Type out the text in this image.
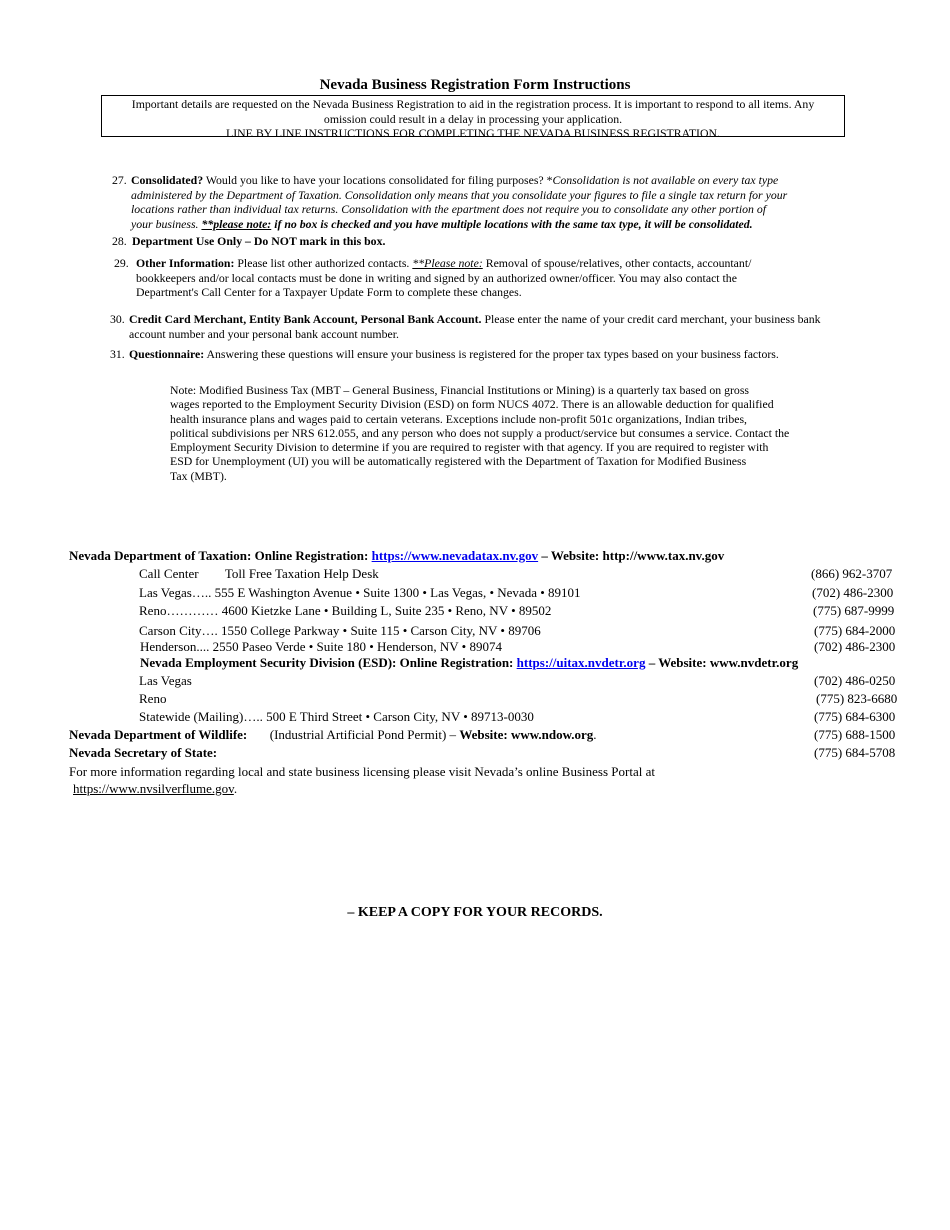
Nevada Business Registration Form Instructions
Important details are requested on the Nevada Business Registration to aid in the registration process. It is important to respond to all items. Any
omission could result in a delay in processing your application.
LINE BY LINE INSTRUCTIONS FOR COMPLETING THE NEVADA BUSINESS REGISTRATION.
27. Consolidated? Would you like to have your locations consolidated for filing purposes? *Consolidation is not available on every tax type
administered by the Department of Taxation. Consolidation only means that you consolidate your figures to file a single tax return for your
locations rather than individual tax returns. Consolidation with the epartment does not require you to consolidate any other portion of
your business. **please note: if no box is checked and you have multiple locations with the same tax type, it will be consolidated.
28. Department Use Only – Do NOT mark in this box.
29. Other Information: Please list other authorized contacts. **Please note: Removal of spouse/relatives, other contacts, accountant/
bookkeepers and/or local contacts must be done in writing and signed by an authorized owner/officer. You may also contact the
Department's Call Center for a Taxpayer Update Form to complete these changes.
30. Credit Card Merchant, Entity Bank Account, Personal Bank Account. Please enter the name of your credit card merchant, your business bank
account number and your personal bank account number.
31. Questionnaire: Answering these questions will ensure your business is registered for the proper tax types based on your business factors.
Note: Modified Business Tax (MBT – General Business, Financial Institutions or Mining) is a quarterly tax based on gross
wages reported to the Employment Security Division (ESD) on form NUCS 4072. There is an allowable deduction for qualified
health insurance plans and wages paid to certain veterans. Exceptions include non-profit 501c organizations, Indian tribes,
political subdivisions per NRS 612.055, and any person who does not supply a product/service but consumes a service. Contact the
Employment Security Division to determine if you are required to register with that agency. If you are required to register with
ESD for Unemployment (UI) you will be automatically registered with the Department of Taxation for Modified Business
Tax (MBT).
Nevada Department of Taxation: Online Registration: https://www.nevadatax.nv.gov – Website: http://www.tax.nv.gov
Call Center Toll Free Taxation Help Desk	(866) 962-3707
Las Vegas….. 555 E Washington Avenue • Suite 1300 • Las Vegas, • Nevada • 89101	(702) 486-2300
Reno………… 4600 Kietzke Lane • Building L, Suite 235 • Reno, NV • 89502	(775) 687-9999
Carson City…. 1550 College Parkway • Suite 115 • Carson City, NV • 89706	(775) 684-2000
Henderson.... 2550 Paseo Verde • Suite 180 • Henderson, NV • 89074	(702) 486-2300
Nevada Employment Security Division (ESD): Online Registration: https://uitax.nvdetr.org – Website: www.nvdetr.org
Las Vegas	(702) 486-0250
Reno	(775) 823-6680
Statewide (Mailing)….. 500 E Third Street • Carson City, NV • 89713-0030	(775) 684-6300
Nevada Department of Wildlife: (Industrial Artificial Pond Permit) – Website: www.ndow.org.	(775) 688-1500
Nevada Secretary of State:	(775) 684-5708
For more information regarding local and state business licensing please visit Nevada’s online Business Portal at
https://www.nvsilverflume.gov.
– KEEP A COPY FOR YOUR RECORDS.
